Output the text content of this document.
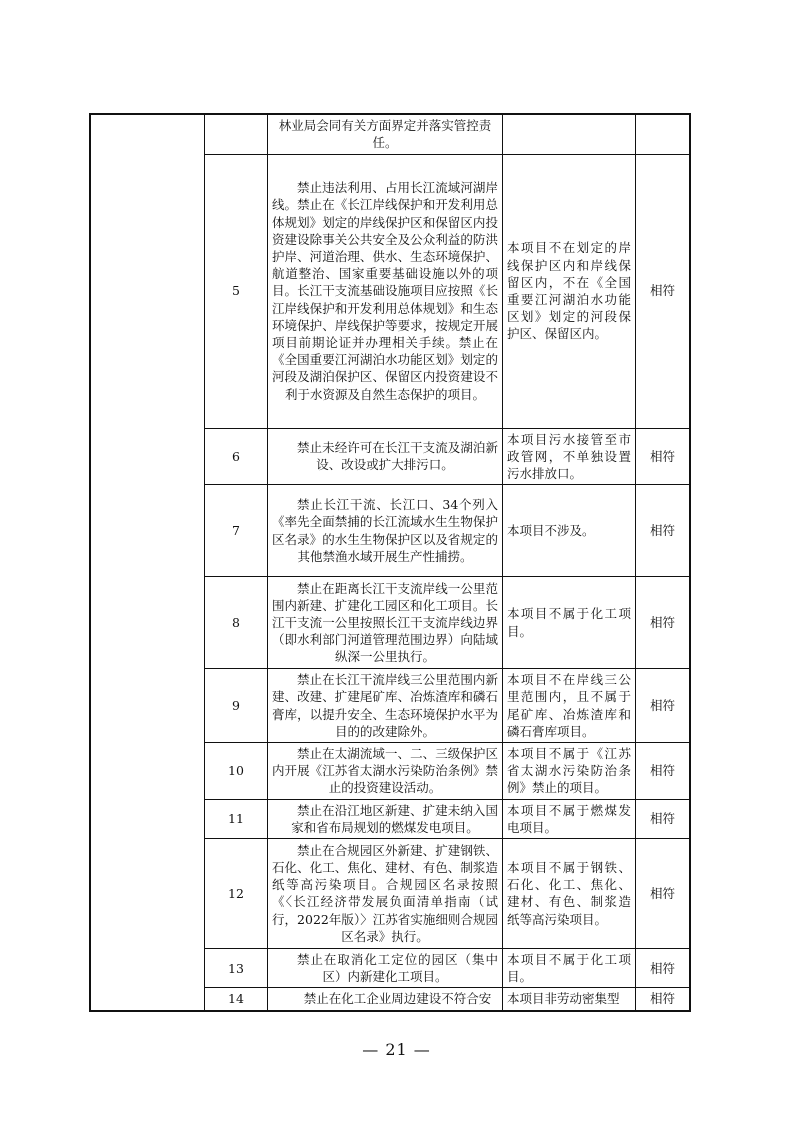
		林业局会同有关方面界定并落实管控责任。		
	5	禁止违法利用、占用长江流域河湖岸线。禁止在《长江岸线保护和开发利用总体规划》划定的岸线保护区和保留区内投资建设除事关公共安全及公众利益的防洪护岸、河道治理、供水、生态环境保护、航道整治、国家重要基础设施以外的项目。长江干支流基础设施项目应按照《长江岸线保护和开发利用总体规划》和生态环境保护、岸线保护等要求，按规定开展项目前期论证并办理相关手续。禁止在《全国重要江河湖泊水功能区划》划定的河段及湖泊保护区、保留区内投资建设不利于水资源及自然生态保护的项目。	本项目不在划定的岸线保护区内和岸线保留区内，不在《全国重要江河湖泊水功能区划》划定的河段保护区、保留区内。	相符
	6	禁止未经许可在长江干支流及湖泊新设、改设或扩大排污口。	本项目污水接管至市政管网，不单独设置污水排放口。	相符
	7	禁止长江干流、长江口、34个列入《率先全面禁捕的长江流域水生生物保护区名录》的水生生物保护区以及省规定的其他禁渔水域开展生产性捕捞。	本项目不涉及。	相符
	8	禁止在距离长江干支流岸线一公里范围内新建、扩建化工园区和化工项目。长江干支流一公里按照长江干支流岸线边界（即水利部门河道管理范围边界）向陆域纵深一公里执行。	本项目不属于化工项目。	相符
	9	禁止在长江干流岸线三公里范围内新建、改建、扩建尾矿库、冶炼渣库和磷石膏库，以提升安全、生态环境保护水平为目的的改建除外。	本项目不在岸线三公里范围内，且不属于尾矿库、冶炼渣库和磷石膏库项目。	相符
	10	禁止在太湖流域一、二、三级保护区内开展《江苏省太湖水污染防治条例》禁止的投资建设活动。	本项目不属于《江苏省太湖水污染防治条例》禁止的项目。	相符
	11	禁止在沿江地区新建、扩建未纳入国家和省布局规划的燃煤发电项目。	本项目不属于燃煤发电项目。	相符
	12	禁止在合规园区外新建、扩建钢铁、石化、化工、焦化、建材、有色、制浆造纸等高污染项目。合规园区名录按照《〈长江经济带发展负面清单指南（试行，2022年版）〉江苏省实施细则合规园区名录》执行。	本项目不属于钢铁、石化、化工、焦化、建材、有色、制浆造纸等高污染项目。	相符
	13	禁止在取消化工定位的园区（集中区）内新建化工项目。	本项目不属于化工项目。	相符
	14	禁止在化工企业周边建设不符合安	本项目非劳动密集型	相符
— 21 —
